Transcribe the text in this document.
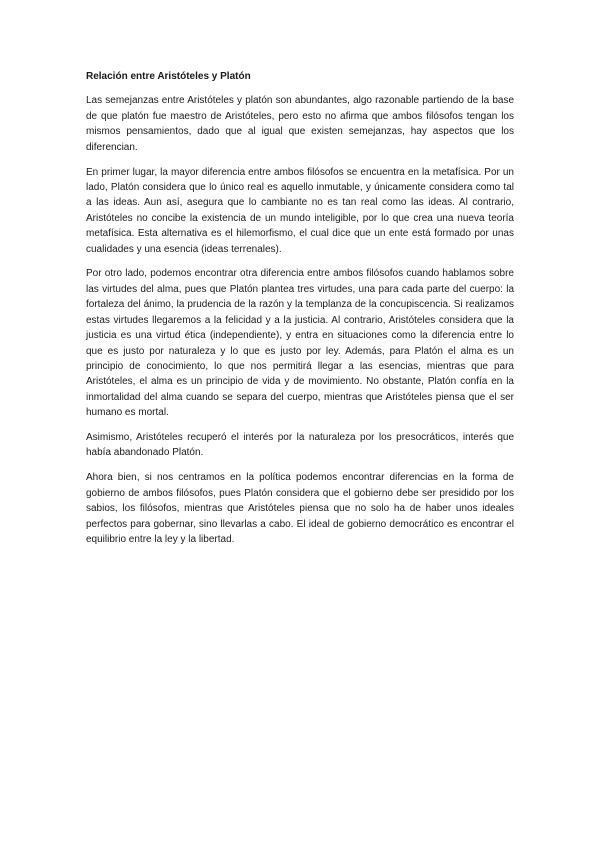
Relación entre Aristóteles y Platón

Las semejanzas entre Aristóteles y platón son abundantes, algo razonable partiendo de la base de que platón fue maestro de Aristóteles, pero esto no afirma que ambos filósofos tengan los mismos pensamientos, dado que al igual que existen semejanzas, hay aspectos que los diferencian.

En primer lugar, la mayor diferencia entre ambos filósofos se encuentra en la metafísica. Por un lado, Platón considera que lo único real es aquello inmutable, y únicamente considera como tal a las ideas. Aun así, asegura que lo cambiante no es tan real como las ideas. Al contrario, Aristóteles no concibe la existencia de un mundo inteligible, por lo que crea una nueva teoría metafísica. Esta alternativa es el hilemorfismo, el cual dice que un ente está formado por unas cualidades y una esencia (ideas terrenales).

Por otro lado, podemos encontrar otra diferencia entre ambos filósofos cuando hablamos sobre las virtudes del alma, pues que Platón plantea tres virtudes, una para cada parte del cuerpo: la fortaleza del ánimo, la prudencia de la razón y la templanza de la concupiscencia. Si realizamos estas virtudes llegaremos a la felicidad y a la justicia. Al contrario, Aristóteles considera que la justicia es una virtud ética (independiente), y entra en situaciones como la diferencia entre lo que es justo por naturaleza y lo que es justo por ley. Además, para Platón el alma es un principio de conocimiento, lo que nos permitirá llegar a las esencias, mientras que para Aristóteles, el alma es un principio de vida y de movimiento. No obstante, Platón confía en la inmortalidad del alma cuando se separa del cuerpo, mientras que Aristóteles piensa que el ser humano es mortal.

Asimismo, Aristóteles recuperó el interés por la naturaleza por los presocráticos, interés que había abandonado Platón.

Ahora bien, si nos centramos en la política podemos encontrar diferencias en la forma de gobierno de ambos filósofos, pues Platón considera que el gobierno debe ser presidido por los sabios, los filósofos, mientras que Aristóteles piensa que no solo ha de haber unos ideales perfectos para gobernar, sino llevarlas a cabo. El ideal de gobierno democrático es encontrar el equilibrio entre la ley y la libertad.
